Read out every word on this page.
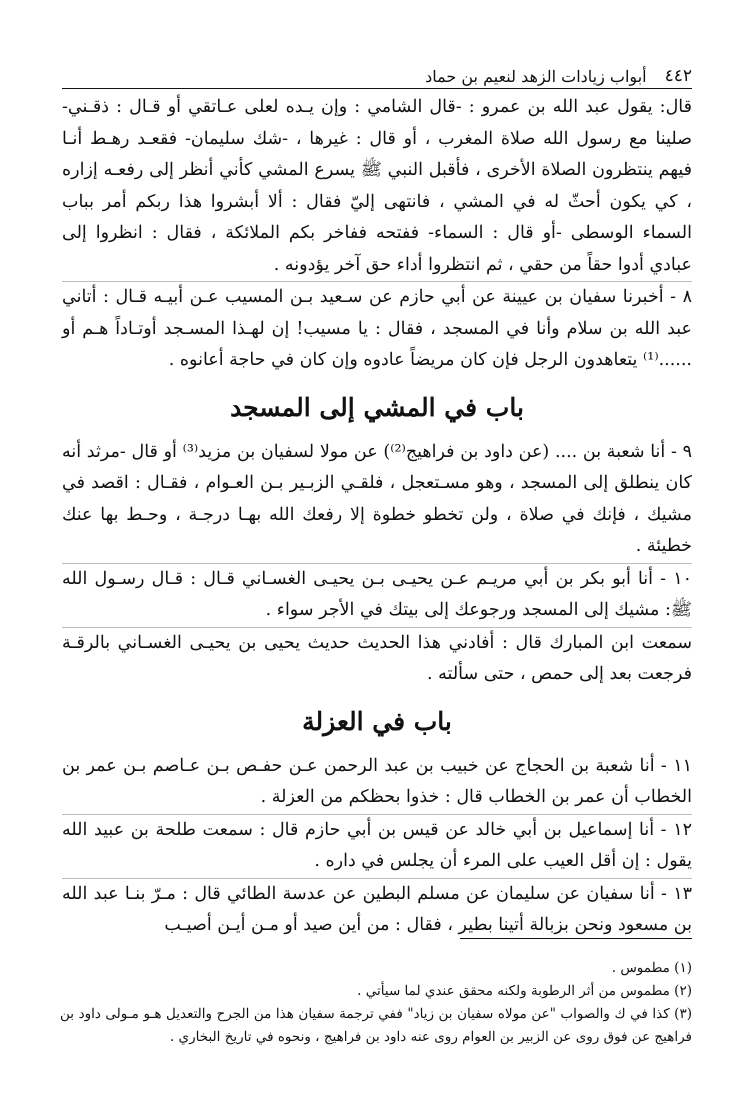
٤٤٢
أبواب زيادات الزهد لنعيم بن حماد

قال: يقول عبد الله بن عمرو : -قال الشامي : وإن يـده لعلى عـاتقي أو قـال : ذقـني- صلينا مع رسول الله صلاة المغرب ، أو قال : غيرها ، -شك سليمان- فقعـد رهـط أنـا فيهم ينتظرون الصلاة الأخرى ، فأقبل النبي ﷺ يسرع المشي كأني أنظر إلى رفعـه إزاره ، كي يكون أحثّ له في المشي ، فانتهى إليّ فقال : ألا أبشروا هذا ربكم أمر بباب السماء الوسطى -أو قال : السماء- ففتحه ففاخر بكم الملائكة ، فقال : انظروا إلى عبادي أدوا حقاً من حقي ، ثم انتظروا أداء حق آخر يؤدونه .

٨ - أخبرنا سفيان بن عيينة عن أبي حازم عن سـعيد بـن المسيب عـن أبيـه قـال : أتاني عبد الله بن سلام وأنا في المسجد ، فقال : يا مسيب! إن لهـذا المسـجد أوتـاداً هـم أو ......⁽¹⁾ يتعاهدون الرجل فإن كان مريضاً عادوه وإن كان في حاجة أعانوه .

باب في المشي إلى المسجد

٩ - أنا شعبة بن .... (عن داود بن فراهيج⁽²⁾) عن مولا لسفيان بن مزيد⁽³⁾ أو قال -مرثد أنه كان ينطلق إلى المسجد ، وهو مسـتعجل ، فلقـي الزبـير بـن العـوام ، فقـال : اقصد في مشيك ، فإنك في صلاة ، ولن تخطو خطوة إلا رفعك الله بهـا درجـة ، وحـط بها عنك خطيئة .

١٠ - أنا أبو بكر بن أبي مريـم عـن يحيـى بـن يحيـى الغسـاني قـال : قـال رسـول الله ﷺ: مشيك إلى المسجد ورجوعك إلى بيتك في الأجر سواء .

سمعت ابن المبارك قال : أفادني هذا الحديث حديث يحيى بن يحيـى الغسـاني بالرقـة فرجعت بعد إلى حمص ، حتى سألته .

باب في العزلة

١١ - أنا شعبة بن الحجاج عن خبيب بن عبد الرحمن عـن حفـص بـن عـاصم بـن عمر بن الخطاب أن عمر بن الخطاب قال : خذوا بحظكم من العزلة .

١٢ - أنا إسماعيل بن أبي خالد عن قيس بن أبي حازم قال : سمعت طلحة بن عبيد الله يقول : إن أقل العيب على المرء أن يجلس في داره .

١٣ - أنا سفيان عن سليمان عن مسلم البطين عن عدسة الطائي قال : مـرّ بنـا عبد الله بن مسعود ونحن بزبالة أتينا بطير ، فقال : من أين صيد أو مـن أيـن أصيـب

(١) مطموس .

(٢) مطموس من أثر الرطوبة ولكنه محقق عندي لما سيأتي .

(٣) كذا في ك والصواب "عن مولاه سفيان بن زياد" ففي ترجمة سفيان هذا من الجرح والتعديل هـو مـولى داود بن فراهيج عن فوق روى عن الزبير بن العوام روى عنه داود بن فراهيج ، ونحوه في تاريخ البخاري .
